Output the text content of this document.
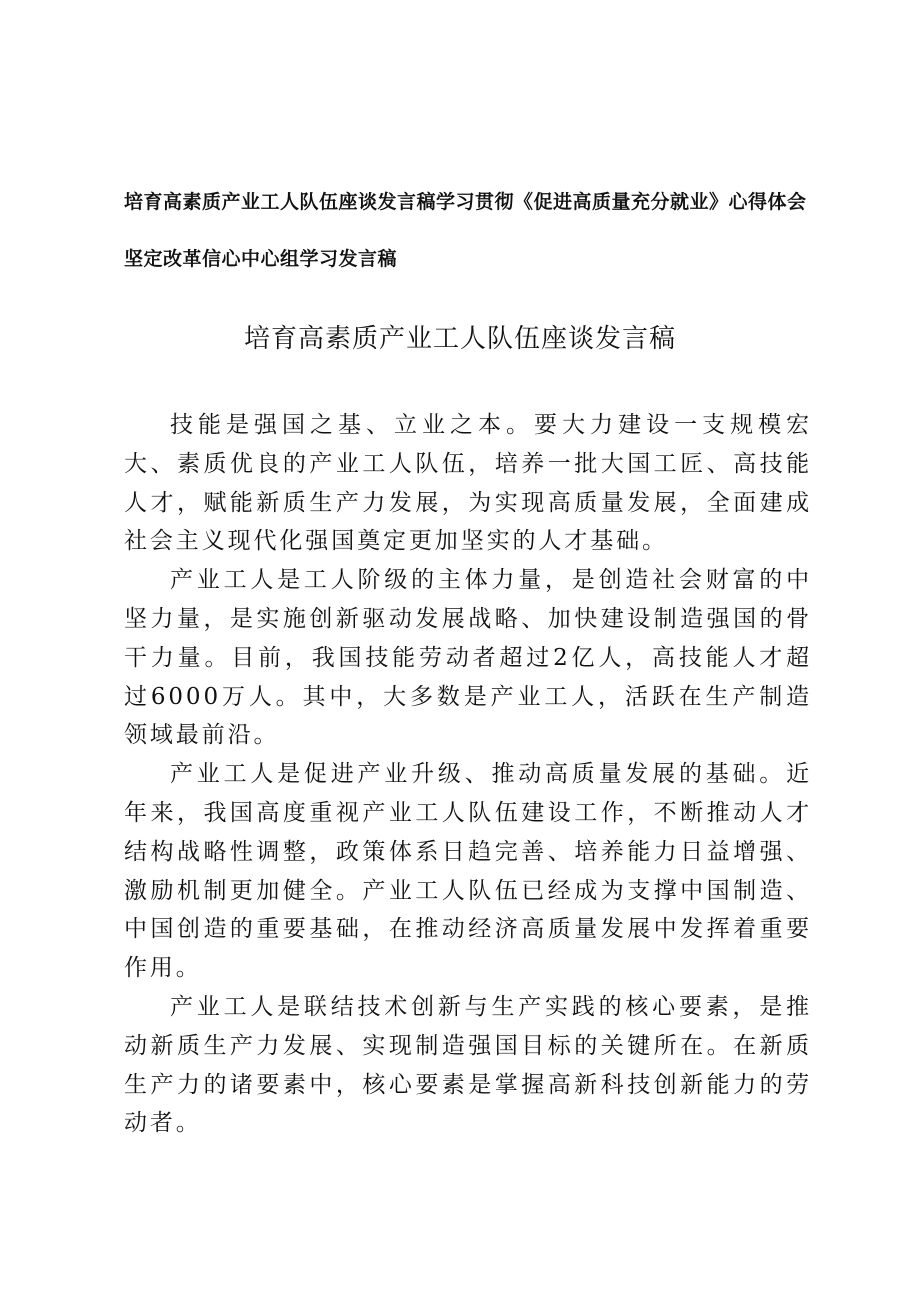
培育高素质产业工人队伍座谈发言稿学习贯彻《促进高质量充分就业》心得体会
坚定改革信心中心组学习发言稿
培育高素质产业工人队伍座谈发言稿

技能是强国之基、立业之本。要大力建设一支规模宏大、素质优良的产业工人队伍，培养一批大国工匠、高技能人才，赋能新质生产力发展，为实现高质量发展，全面建成社会主义现代化强国奠定更加坚实的人才基础。

产业工人是工人阶级的主体力量，是创造社会财富的中坚力量，是实施创新驱动发展战略、加快建设制造强国的骨干力量。目前，我国技能劳动者超过2亿人，高技能人才超过6000万人。其中，大多数是产业工人，活跃在生产制造领域最前沿。

产业工人是促进产业升级、推动高质量发展的基础。近年来，我国高度重视产业工人队伍建设工作，不断推动人才结构战略性调整，政策体系日趋完善、培养能力日益增强、激励机制更加健全。产业工人队伍已经成为支撑中国制造、中国创造的重要基础，在推动经济高质量发展中发挥着重要作用。

产业工人是联结技术创新与生产实践的核心要素，是推动新质生产力发展、实现制造强国目标的关键所在。在新质生产力的诸要素中，核心要素是掌握高新科技创新能力的劳动者。
